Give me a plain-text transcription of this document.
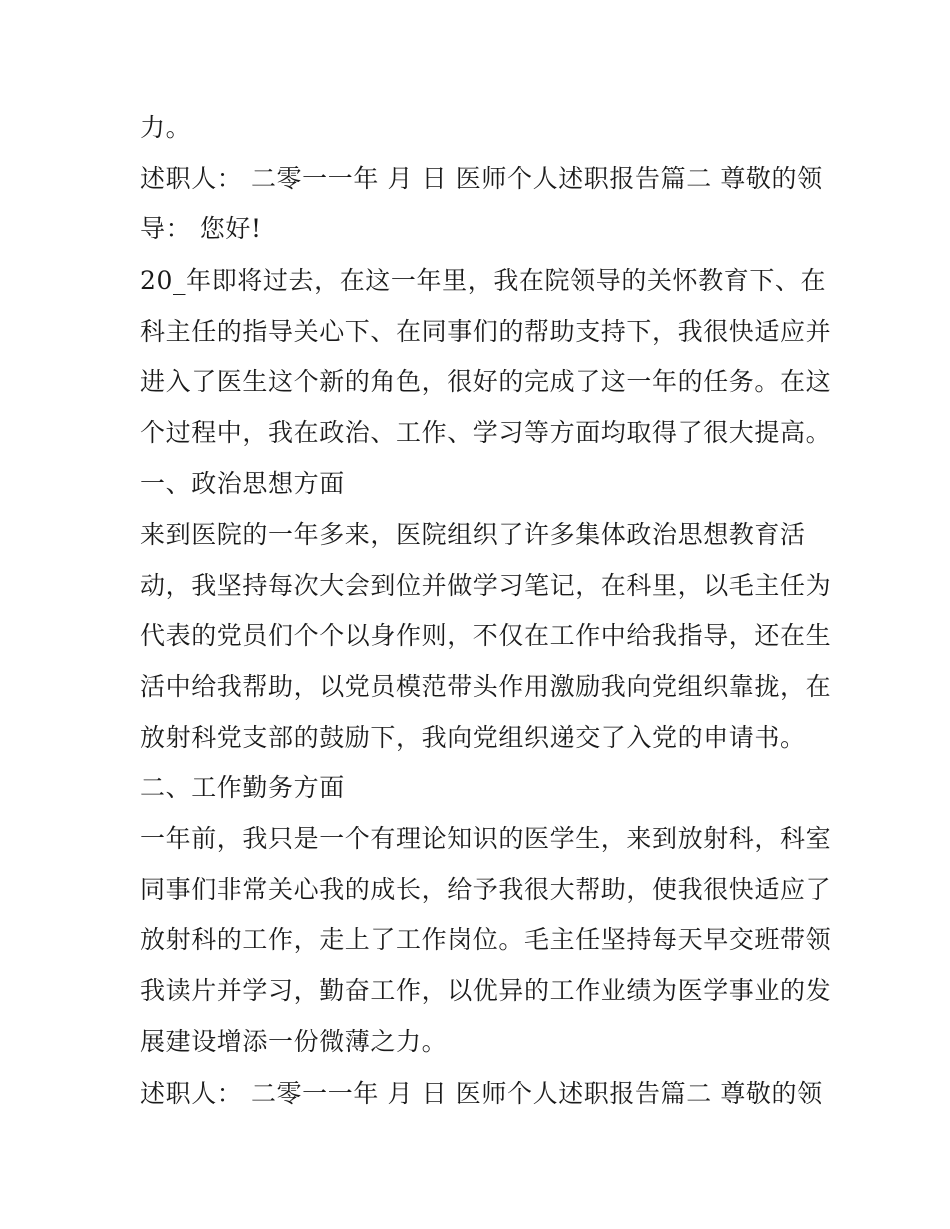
力。
述职人： 二零一一年 月 日 医师个人述职报告篇二 尊敬的领
导： 您好!
20_年即将过去，在这一年里，我在院领导的关怀教育下、在
科主任的指导关心下、在同事们的帮助支持下，我很快适应并
进入了医生这个新的角色，很好的完成了这一年的任务。在这
个过程中，我在政治、工作、学习等方面均取得了很大提高。
一、政治思想方面
来到医院的一年多来，医院组织了许多集体政治思想教育活
动，我坚持每次大会到位并做学习笔记，在科里，以毛主任为
代表的党员们个个以身作则，不仅在工作中给我指导，还在生
活中给我帮助，以党员模范带头作用激励我向党组织靠拢，在
放射科党支部的鼓励下，我向党组织递交了入党的申请书。
二、工作勤务方面
一年前，我只是一个有理论知识的医学生，来到放射科，科室
同事们非常关心我的成长，给予我很大帮助，使我很快适应了
放射科的工作，走上了工作岗位。毛主任坚持每天早交班带领
我读片并学习，勤奋工作，以优异的工作业绩为医学事业的发
展建设增添一份微薄之力。
述职人： 二零一一年 月 日 医师个人述职报告篇二 尊敬的领
